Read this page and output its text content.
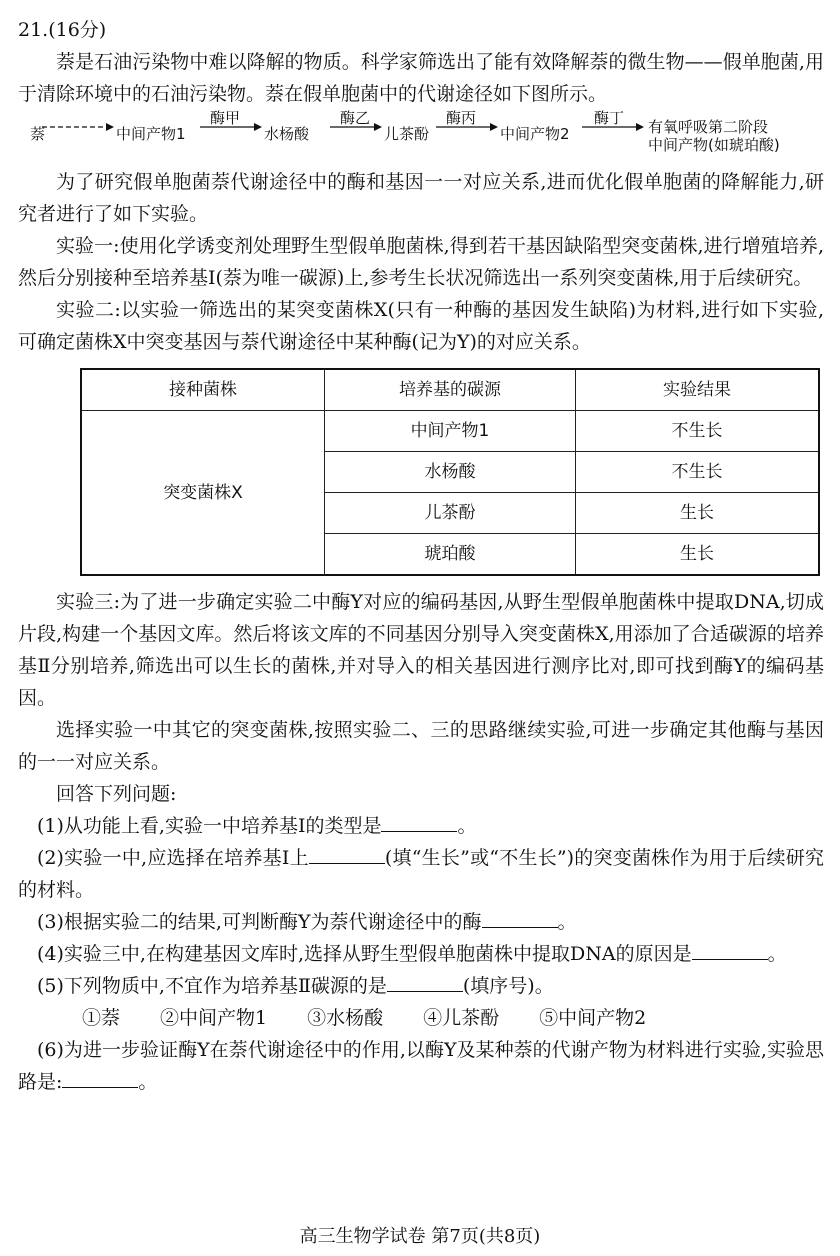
21.(16分)

萘是石油污染物中难以降解的物质。科学家筛选出了能有效降解萘的微生物——假单胞菌,用于清除环境中的石油污染物。萘在假单胞菌中的代谢途径如下图所示。

萘	中间产物1
酶甲
水杨酸
酶乙
儿茶酚
酶丙
中间产物2
酶丁 有氧呼吸第二阶段
中间产物(如琥珀酸)

为了研究假单胞菌萘代谢途径中的酶和基因一一对应关系,进而优化假单胞菌的降解能力,研究者进行了如下实验。

实验一:使用化学诱变剂处理野生型假单胞菌株,得到若干基因缺陷型突变菌株,进行增殖培养,然后分别接种至培养基Ⅰ(萘为唯一碳源)上,参考生长状况筛选出一系列突变菌株,用于后续研究。

实验二:以实验一筛选出的某突变菌株X(只有一种酶的基因发生缺陷)为材料,进行如下实验,可确定菌株X中突变基因与萘代谢途径中某种酶(记为Y)的对应关系。

接种菌株	培养基的碳源	实验结果
突变菌株X	中间产物1	不生长
	水杨酸	不生长
	儿茶酚	生长
	琥珀酸	生长

实验三:为了进一步确定实验二中酶Y对应的编码基因,从野生型假单胞菌株中提取DNA,切成片段,构建一个基因文库。然后将该文库的不同基因分别导入突变菌株X,用添加了合适碳源的培养基Ⅱ分别培养,筛选出可以生长的菌株,并对导入的相关基因进行测序比对,即可找到酶Y的编码基因。

选择实验一中其它的突变菌株,按照实验二、三的思路继续实验,可进一步确定其他酶与基因的一一对应关系。

回答下列问题:

(1)从功能上看,实验一中培养基Ⅰ的类型是	。

(2)实验一中,应选择在培养基Ⅰ上	(填“生长”或“不生长”)的突变菌株作为用于后续研究的材料。

(3)根据实验二的结果,可判断酶Y为萘代谢途径中的酶	。

(4)实验三中,在构建基因文库时,选择从野生型假单胞菌株中提取DNA的原因是	。

(5)下列物质中,不宜作为培养基Ⅱ碳源的是	(填序号)。

①萘 ②中间产物1 ③水杨酸 ④儿茶酚 ⑤中间产物2

(6)为进一步验证酶Y在萘代谢途径中的作用,以酶Y及某种萘的代谢产物为材料进行实验,实验思路是:	。

高三生物学试卷 第7页(共8页)
